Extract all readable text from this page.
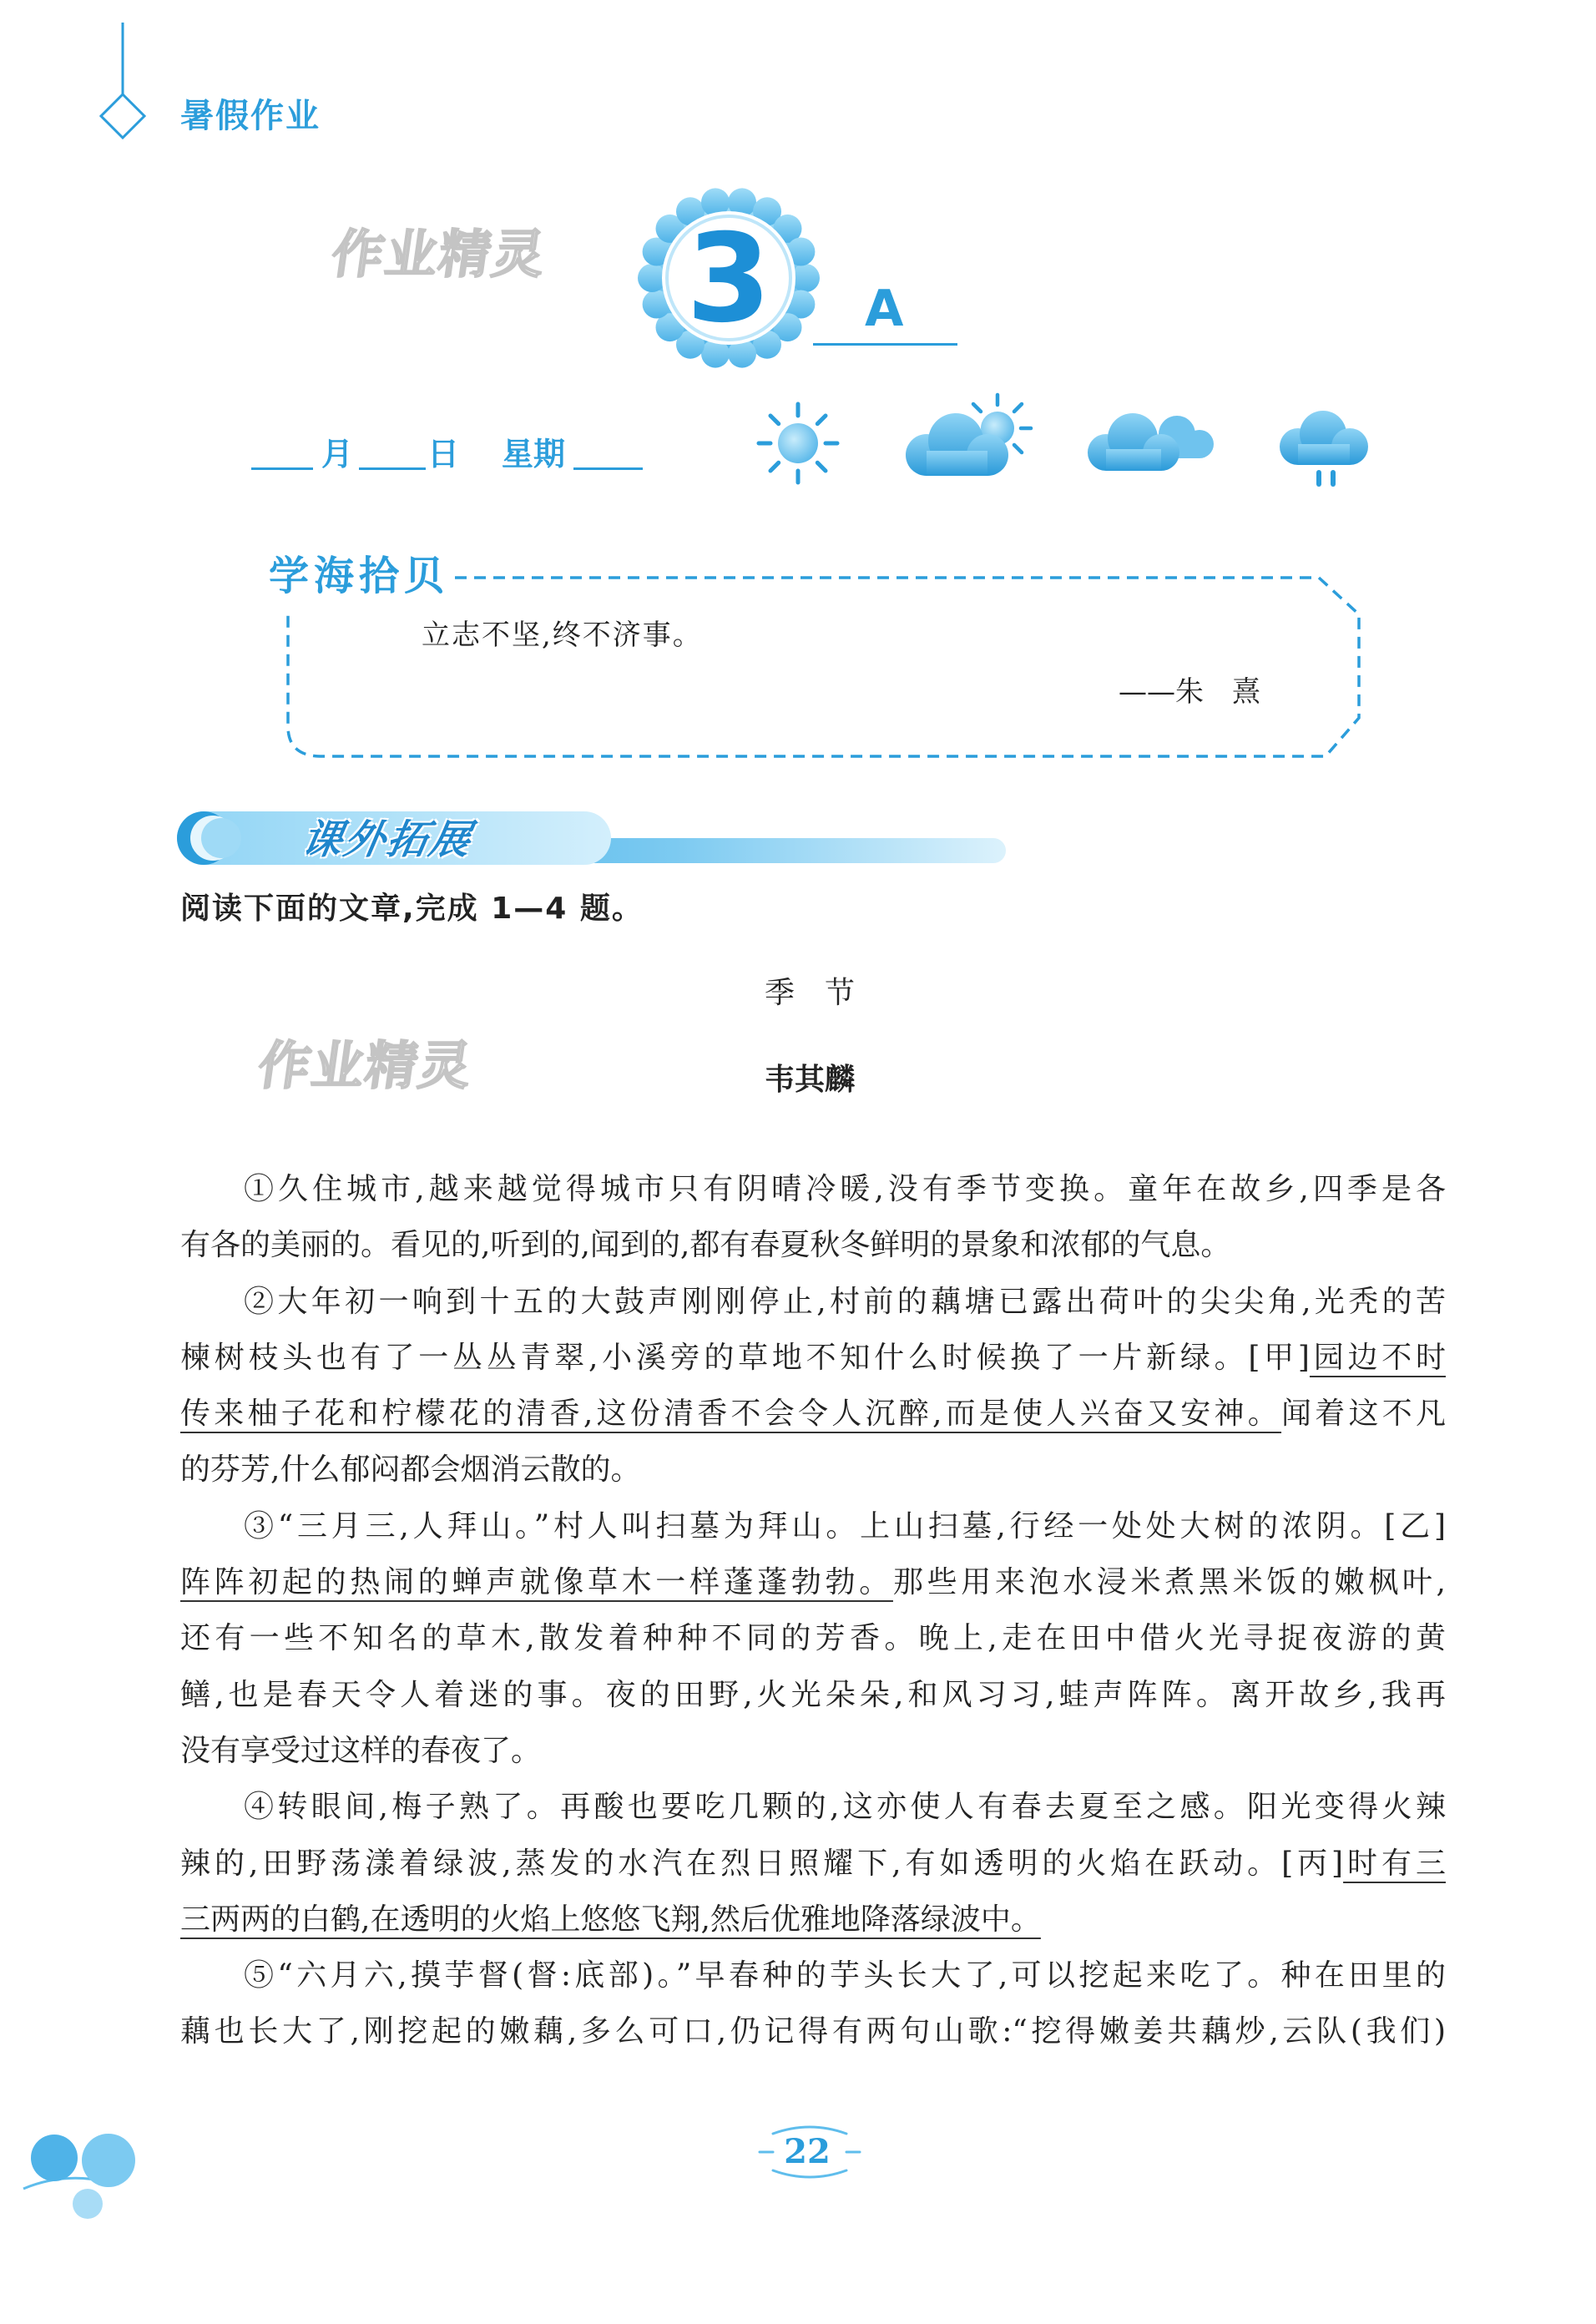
暑假作业
作业精灵
作业精灵
3 A
月 日 星期
学海拾贝
立志不坚,终不济事。
——朱　熹
课外拓展
阅读下面的文章,完成 1—4 题。
季　节
韦其麟
①久住城市,越来越觉得城市只有阴晴冷暖,没有季节变换。童年在故乡,四季是各
有各的美丽的。看见的,听到的,闻到的,都有春夏秋冬鲜明的景象和浓郁的气息。
②大年初一响到十五的大鼓声刚刚停止,村前的藕塘已露出荷叶的尖尖角,光秃的苦
楝树枝头也有了一丛丛青翠,小溪旁的草地不知什么时候换了一片新绿。[甲]园边不时
传来柚子花和柠檬花的清香,这份清香不会令人沉醉,而是使人兴奋又安神。闻着这不凡
的芬芳,什么郁闷都会烟消云散的。
③“三月三,人拜山。”村人叫扫墓为拜山。上山扫墓,行经一处处大树的浓阴。[乙]
阵阵初起的热闹的蝉声就像草木一样蓬蓬勃勃。那些用来泡水浸米煮黑米饭的嫩枫叶,
还有一些不知名的草木,散发着种种不同的芳香。晚上,走在田中借火光寻捉夜游的黄
鳝,也是春天令人着迷的事。夜的田野,火光朵朵,和风习习,蛙声阵阵。离开故乡,我再
没有享受过这样的春夜了。
④转眼间,梅子熟了。再酸也要吃几颗的,这亦使人有春去夏至之感。阳光变得火辣
辣的,田野荡漾着绿波,蒸发的水汽在烈日照耀下,有如透明的火焰在跃动。[丙]时有三
三两两的白鹤,在透明的火焰上悠悠飞翔,然后优雅地降落绿波中。
⑤“六月六,摸芋督(督:底部)。”早春种的芋头长大了,可以挖起来吃了。种在田里的
藕也长大了,刚挖起的嫩藕,多么可口,仍记得有两句山歌:“挖得嫩姜共藕炒,云队(我们)
22
